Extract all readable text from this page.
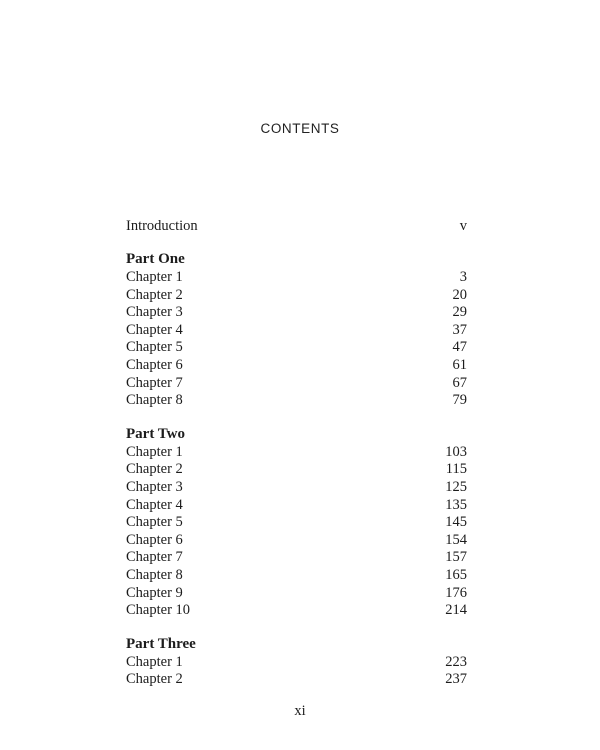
CONTENTS
Introduction	v
Part One
Chapter 1	3
Chapter 2	20
Chapter 3	29
Chapter 4	37
Chapter 5	47
Chapter 6	61
Chapter 7	67
Chapter 8	79
Part Two
Chapter 1	103
Chapter 2	115
Chapter 3	125
Chapter 4	135
Chapter 5	145
Chapter 6	154
Chapter 7	157
Chapter 8	165
Chapter 9	176
Chapter 10	214
Part Three
Chapter 1	223
Chapter 2	237
xi
